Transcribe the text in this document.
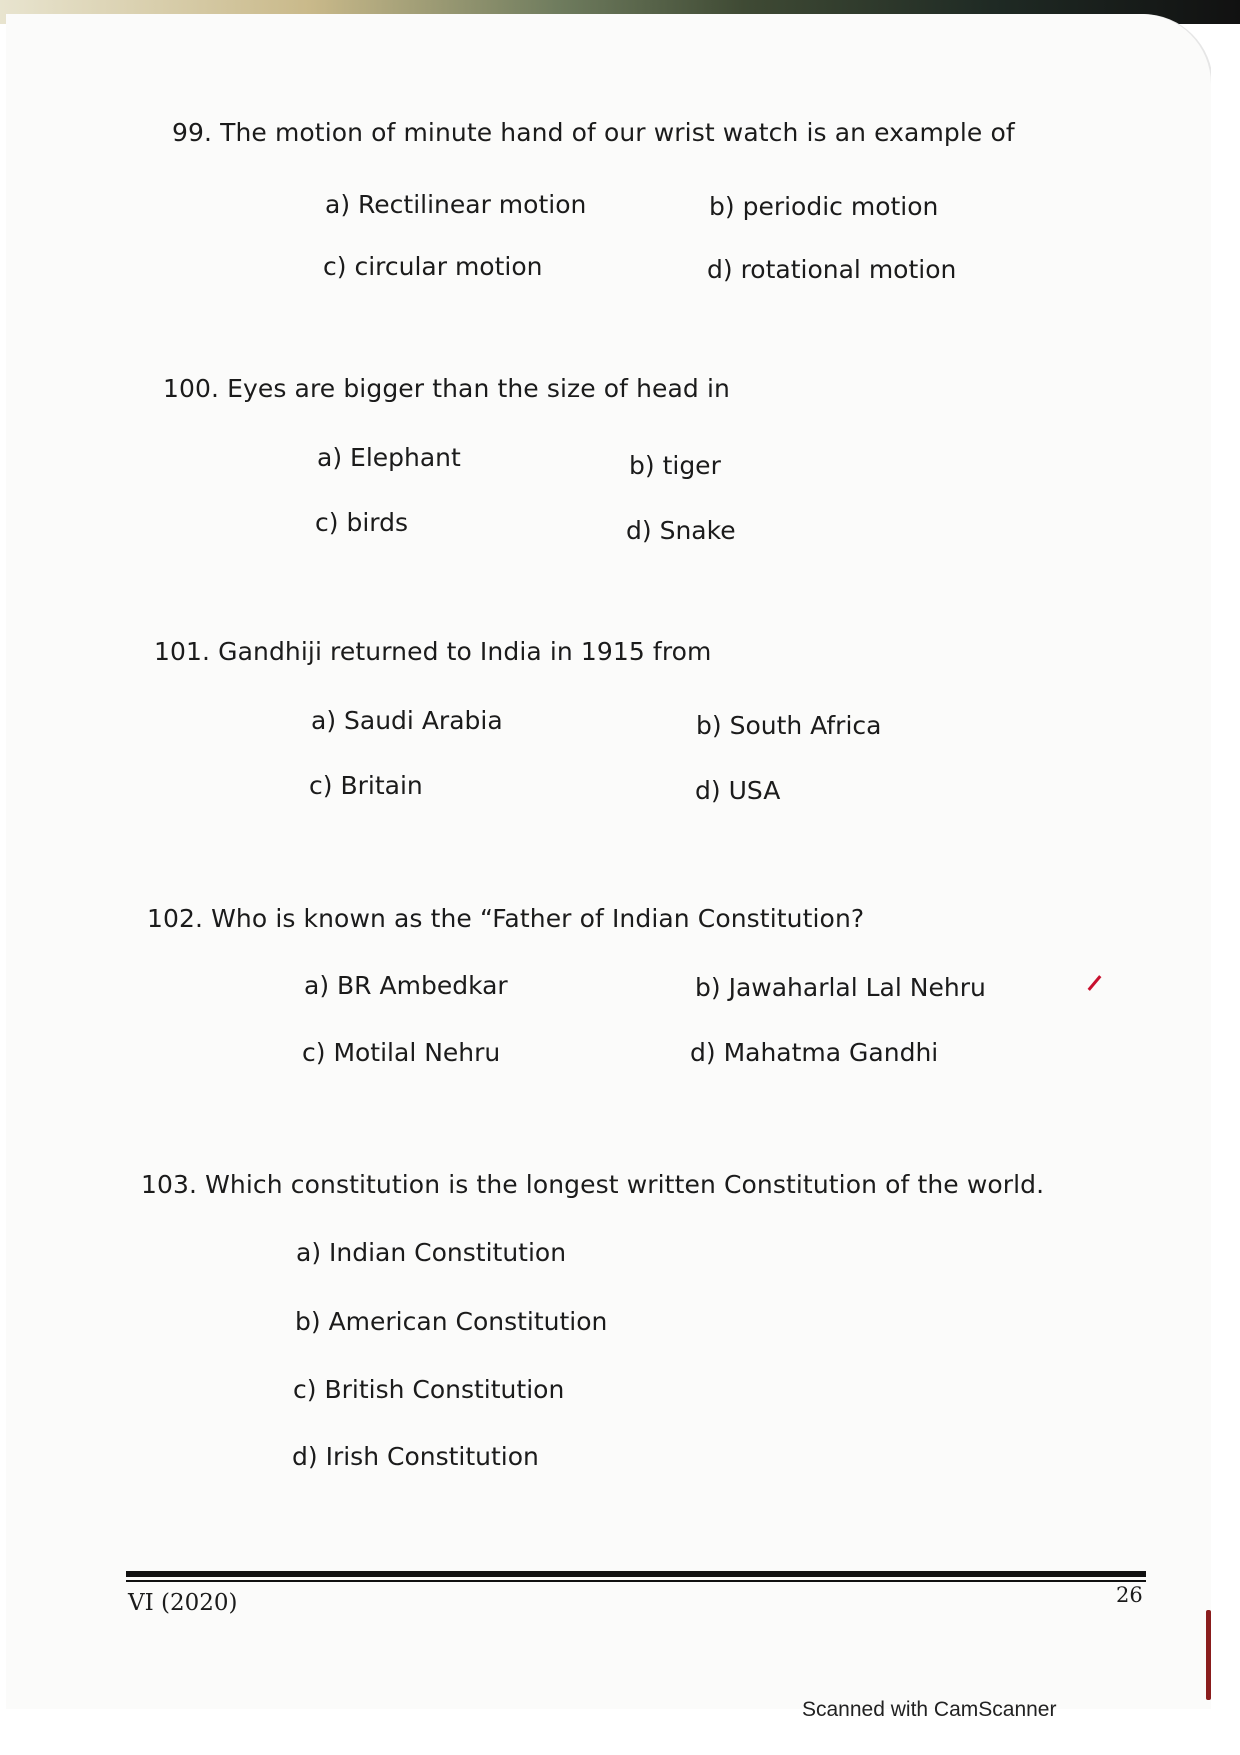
99. The motion of minute hand of our wrist watch is an example of
a) Rectilinear motion	b) periodic motion
c) circular motion	d) rotational motion
100. Eyes are bigger than the size of head in
a) Elephant	b) tiger
c) birds	d) Snake
101. Gandhiji returned to India in 1915 from
a) Saudi Arabia	b) South Africa
c) Britain	d) USA
102. Who is known as the “Father of Indian Constitution?
a) BR Ambedkar	b) Jawaharlal Lal Nehru
c) Motilal Nehru	d) Mahatma Gandhi
103. Which constitution is the longest written Constitution of the world.
a) Indian Constitution
b) American Constitution
c) British Constitution
d) Irish Constitution
VI (2020)	26
Scanned with CamScanner
